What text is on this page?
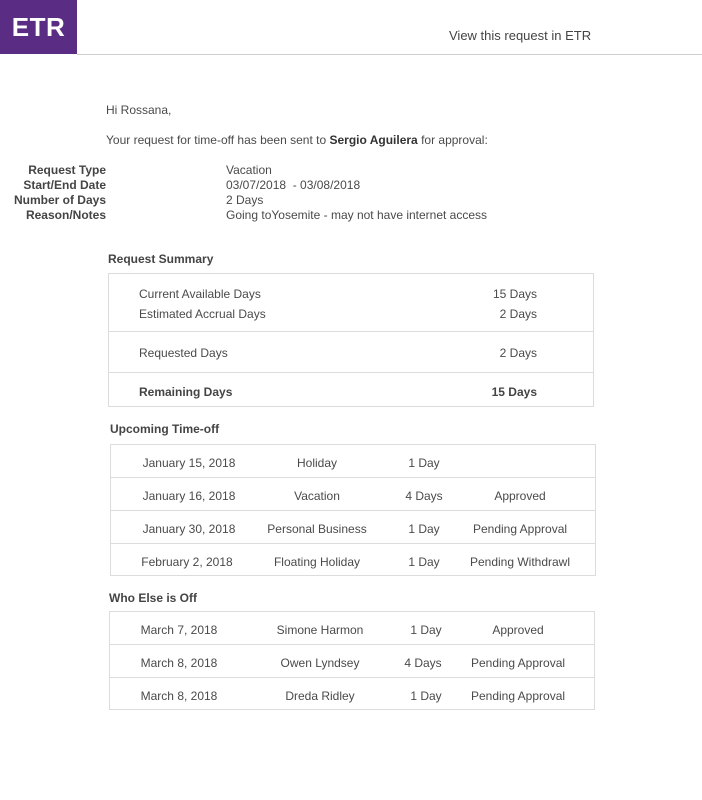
ETR	View this request in ETR
Hi Rossana,
Your request for time-off has been sent to Sergio Aguilera for approval:
Request Type	Vacation
Start/End Date	03/07/2018  - 03/08/2018
Number of Days	2 Days
Reason/Notes	Going toYosemite - may not have internet access
Request Summary
Current Available Days	15 Days
Estimated Accrual Days	2 Days
Requested Days	2 Days
Remaining Days	15 Days
Upcoming Time-off
January 15, 2018	Holiday	1 Day
January 16, 2018	Vacation	4 Days	Approved
January 30, 2018	Personal Business	1 Day	Pending Approval
February 2, 2018	Floating Holiday	1 Day	Pending Withdrawl
Who Else is Off
March 7, 2018	Simone Harmon	1 Day	Approved
March 8, 2018	Owen Lyndsey	4 Days Pending Approval
March 8, 2018	Dreda Ridley	1 Day Pending Approval
